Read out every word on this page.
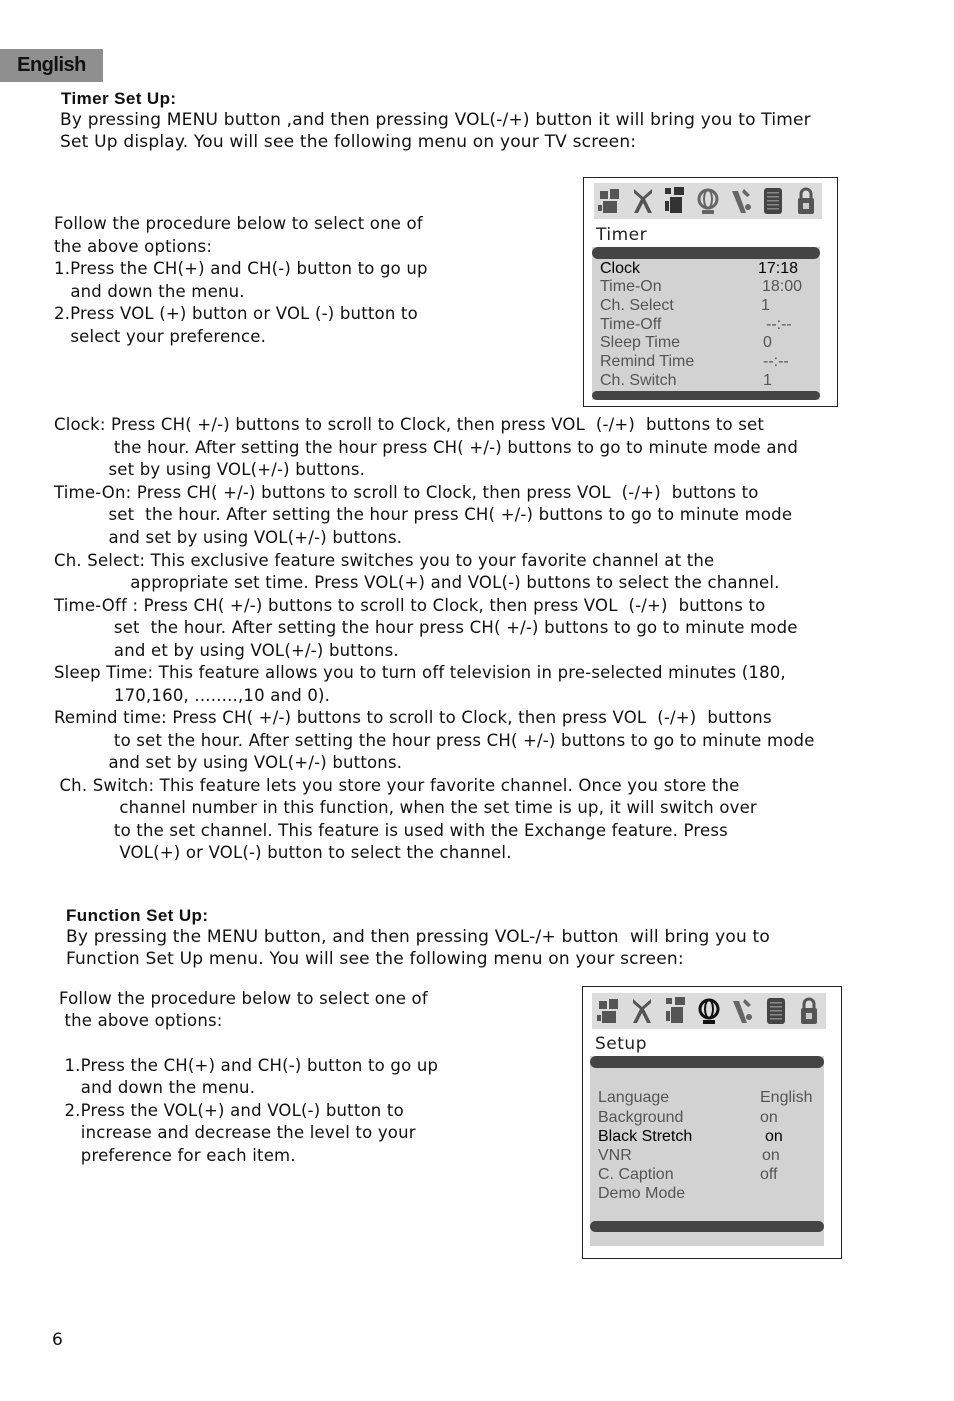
English
Timer Set Up:
By pressing MENU button ,and then pressing VOL(-/+) button it will bring you to Timer
Set Up display. You will see the following menu on your TV screen:
Follow the procedure below to select one of
the above options:
1.Press the CH(+) and CH(-) button to go up
and down the menu.
2.Press VOL (+) button or VOL (-) button to
select your preference.
Timer
Clock	17:18
Time-On	18:00
Ch. Select	1
Time-Off	--:--
Sleep Time	0
Remind Time	--:--
Ch. Switch	1
Clock: Press CH( +/-) buttons to scroll to Clock, then press VOL  (-/+)  buttons to set
the hour. After setting the hour press CH( +/-) buttons to go to minute mode and
set by using VOL(+/-) buttons.
Time-On: Press CH( +/-) buttons to scroll to Clock, then press VOL  (-/+)  buttons to
set  the hour. After setting the hour press CH( +/-) buttons to go to minute mode
and set by using VOL(+/-) buttons.
Ch. Select: This exclusive feature switches you to your favorite channel at the
appropriate set time. Press VOL(+) and VOL(-) buttons to select the channel.
Time-Off : Press CH( +/-) buttons to scroll to Clock, then press VOL  (-/+)  buttons to
set  the hour. After setting the hour press CH( +/-) buttons to go to minute mode
and et by using VOL(+/-) buttons.
Sleep Time: This feature allows you to turn off television in pre-selected minutes (180,
170,160, ........,10 and 0).
Remind time: Press CH( +/-) buttons to scroll to Clock, then press VOL  (-/+)  buttons
to set the hour. After setting the hour press CH( +/-) buttons to go to minute mode
and set by using VOL(+/-) buttons.
Ch. Switch: This feature lets you store your favorite channel. Once you store the
channel number in this function, when the set time is up, it will switch over
to the set channel. This feature is used with the Exchange feature. Press
VOL(+) or VOL(-) button to select the channel.
Function Set Up:
By pressing the MENU button, and then pressing VOL-/+ button  will bring you to
Function Set Up menu. You will see the following menu on your screen:
Follow the procedure below to select one of
the above options:
1.Press the CH(+) and CH(-) button to go up
and down the menu.
2.Press the VOL(+) and VOL(-) button to
increase and decrease the level to your
preference for each item.
Setup
Language	English
Background	on
Black Stretch	on
VNR	on
C. Caption	off
Demo Mode
6
